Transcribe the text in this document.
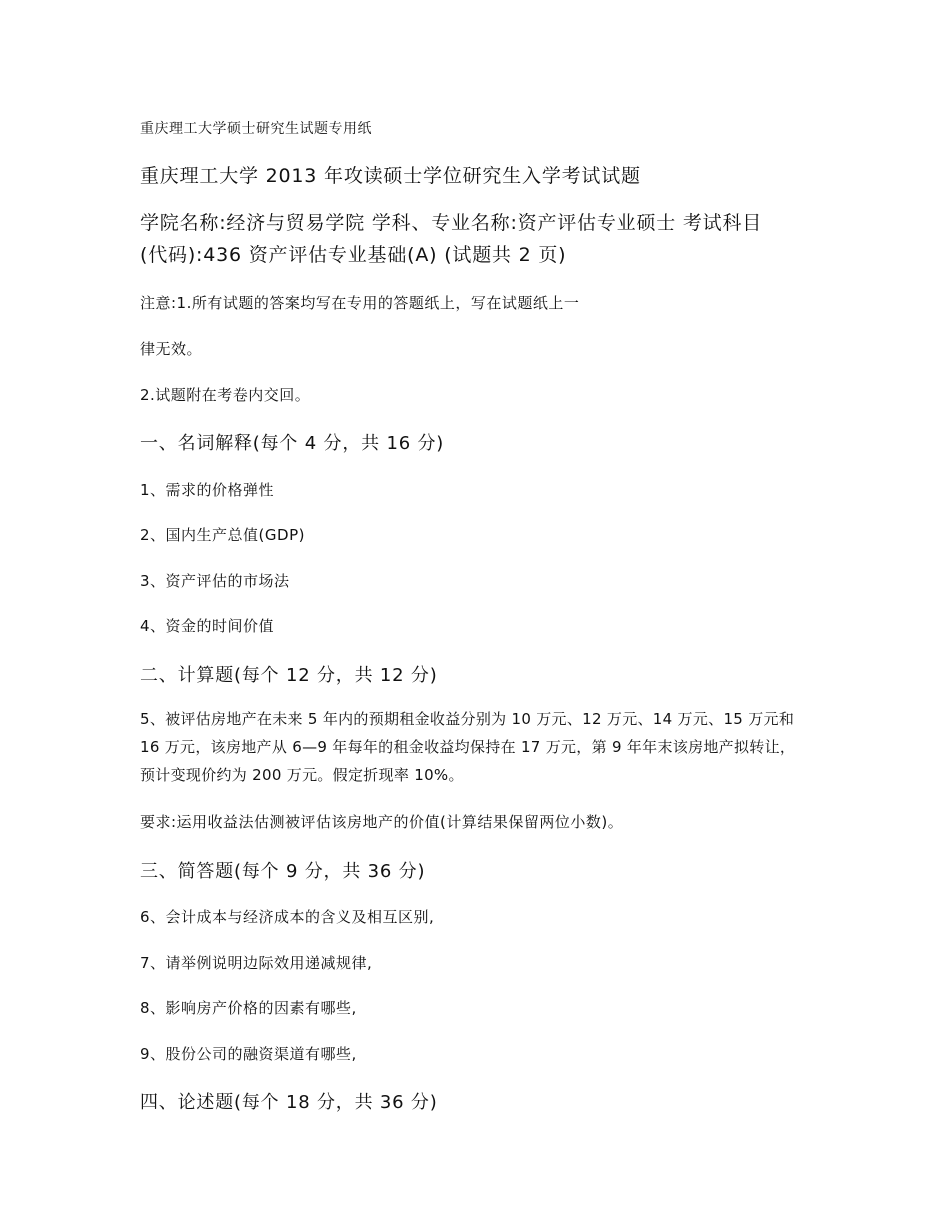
重庆理工大学硕士研究生试题专用纸
重庆理工大学 2013 年攻读硕士学位研究生入学考试试题
学院名称:经济与贸易学院 学科、专业名称:资产评估专业硕士 考试科目
(代码):436 资产评估专业基础(A) (试题共 2 页)
注意:1.所有试题的答案均写在专用的答题纸上，写在试题纸上一
律无效。
2.试题附在考卷内交回。
一、名词解释(每个 4 分，共 16 分)
1、需求的价格弹性
2、国内生产总值(GDP)
3、资产评估的市场法
4、资金的时间价值
二、计算题(每个 12 分，共 12 分)
5、被评估房地产在未来 5 年内的预期租金收益分别为 10 万元、12 万元、14 万元、15 万元和 16 万元，该房地产从 6—9 年每年的租金收益均保持在 17 万元，第 9 年年末该房地产拟转让，预计变现价约为 200 万元。假定折现率 10%。
要求:运用收益法估测被评估该房地产的价值(计算结果保留两位小数)。
三、简答题(每个 9 分，共 36 分)
6、会计成本与经济成本的含义及相互区别,
7、请举例说明边际效用递减规律,
8、影响房产价格的因素有哪些,
9、股份公司的融资渠道有哪些,
四、论述题(每个 18 分，共 36 分)
